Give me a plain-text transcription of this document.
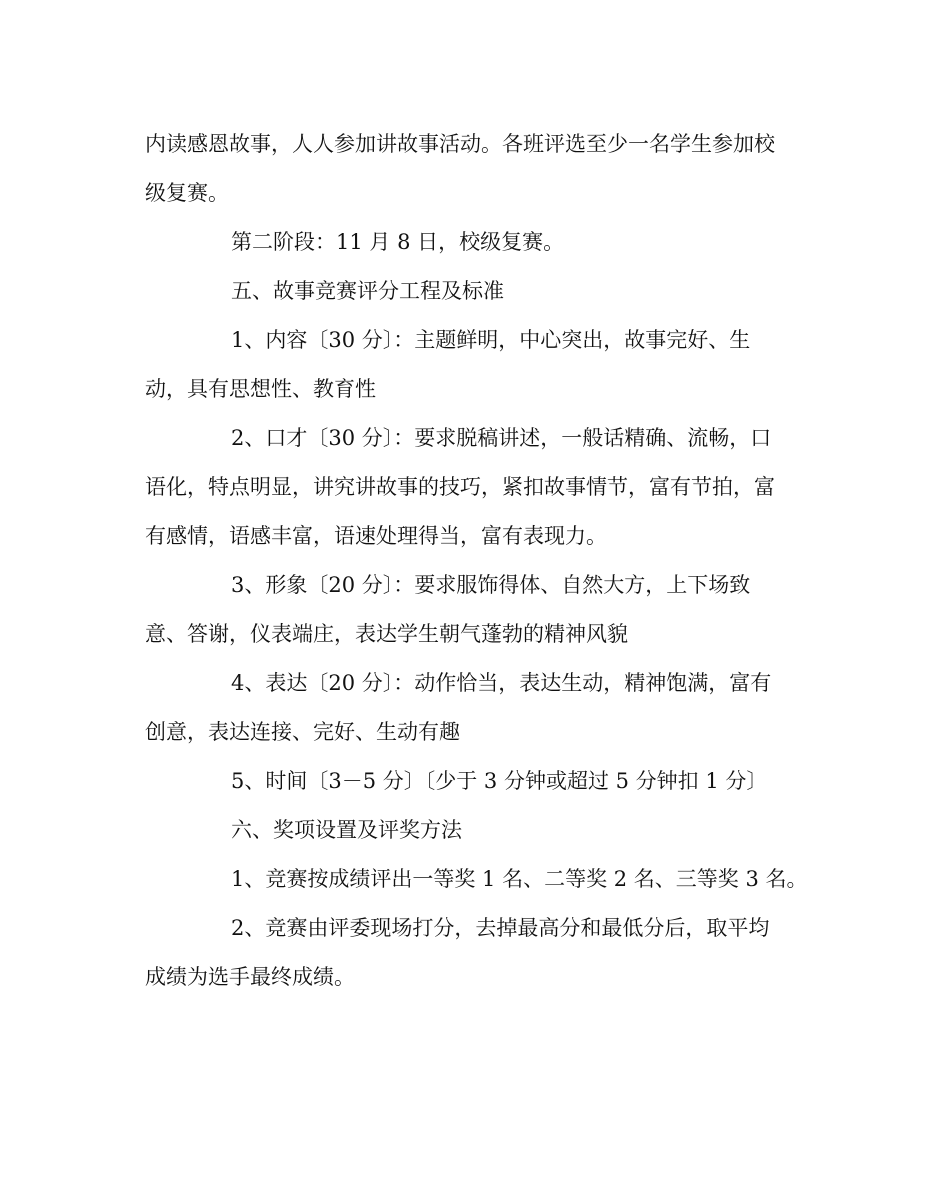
内读感恩故事，人人参加讲故事活动。各班评选至少一名学生参加校
级复赛。
第二阶段：11 月 8 日，校级复赛。
五、故事竞赛评分工程及标准
1、内容〔30 分〕：主题鲜明，中心突出，故事完好、生
动，具有思想性、教育性
2、口才〔30 分〕：要求脱稿讲述，一般话精确、流畅，口
语化，特点明显，讲究讲故事的技巧，紧扣故事情节，富有节拍，富
有感情，语感丰富，语速处理得当，富有表现力。
3、形象〔20 分〕：要求服饰得体、自然大方，上下场致
意、答谢，仪表端庄，表达学生朝气蓬勃的精神风貌
4、表达〔20 分〕：动作恰当，表达生动，精神饱满，富有
创意，表达连接、完好、生动有趣
5、时间〔3－5 分〕〔少于 3 分钟或超过 5 分钟扣 1 分〕
六、奖项设置及评奖方法
1、竞赛按成绩评出一等奖 1 名、二等奖 2 名、三等奖 3 名。
2、竞赛由评委现场打分，去掉最高分和最低分后，取平均
成绩为选手最终成绩。
